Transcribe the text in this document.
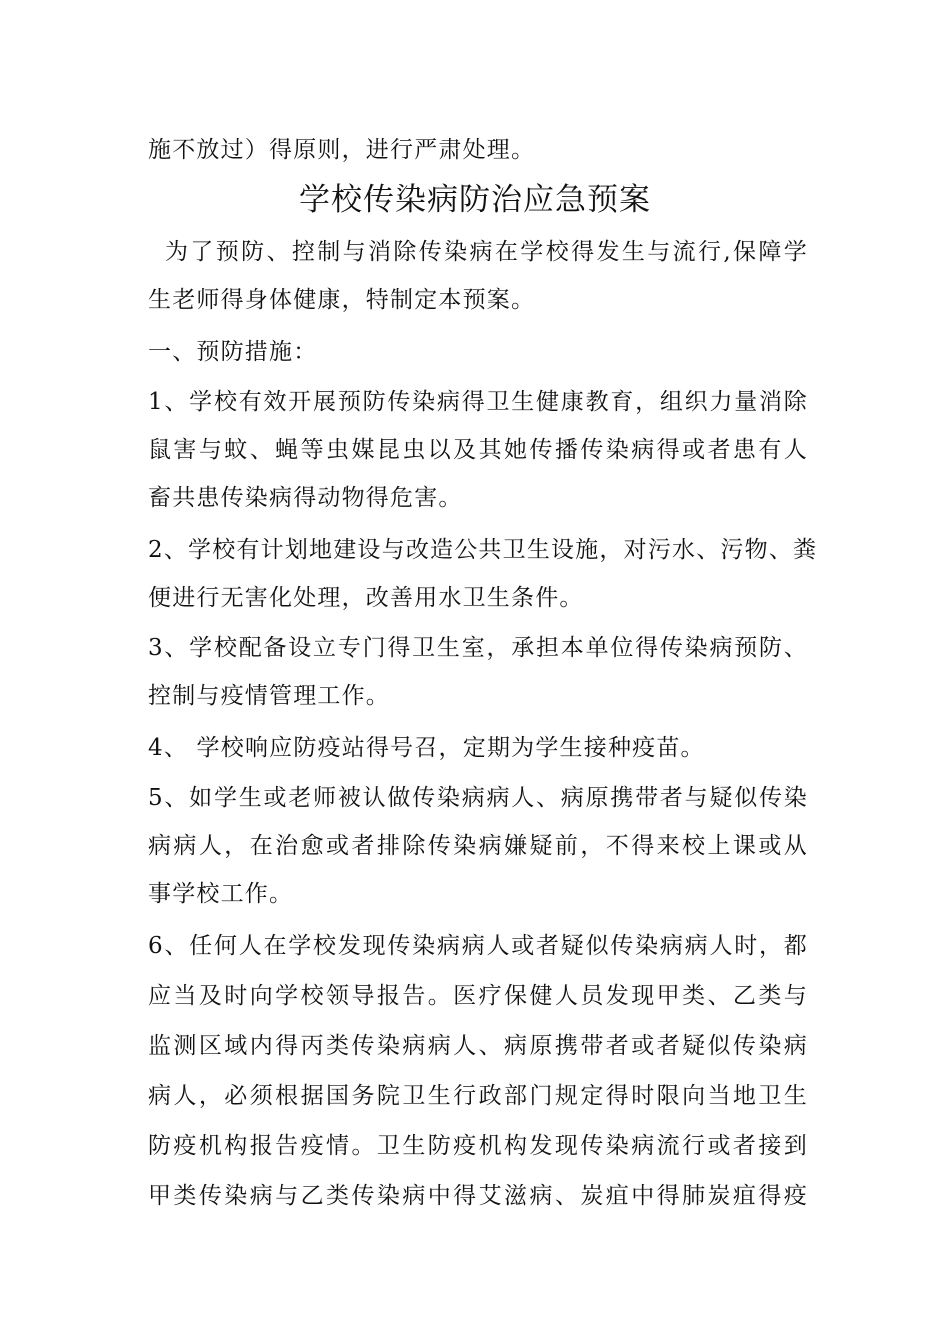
施不放过）得原则，进行严肃处理。

学校传染病防治应急预案

为了预防、控制与消除传染病在学校得发生与流行,保障学

生老师得身体健康，特制定本预案。

一、预防措施：

1、学校有效开展预防传染病得卫生健康教育，组织力量消除

鼠害与蚊、蝇等虫媒昆虫以及其她传播传染病得或者患有人

畜共患传染病得动物得危害。

2、学校有计划地建设与改造公共卫生设施，对污水、污物、粪

便进行无害化处理，改善用水卫生条件。

3、学校配备设立专门得卫生室，承担本单位得传染病预防、

控制与疫情管理工作。

4、 学校响应防疫站得号召，定期为学生接种疫苗。

5、如学生或老师被认做传染病病人、病原携带者与疑似传染

病病人，在治愈或者排除传染病嫌疑前，不得来校上课或从

事学校工作。

6、任何人在学校发现传染病病人或者疑似传染病病人时，都

应当及时向学校领导报告。医疗保健人员发现甲类、乙类与

监测区域内得丙类传染病病人、病原携带者或者疑似传染病

病人，必须根据国务院卫生行政部门规定得时限向当地卫生

防疫机构报告疫情。卫生防疫机构发现传染病流行或者接到

甲类传染病与乙类传染病中得艾滋病、炭疽中得肺炭疽得疫
